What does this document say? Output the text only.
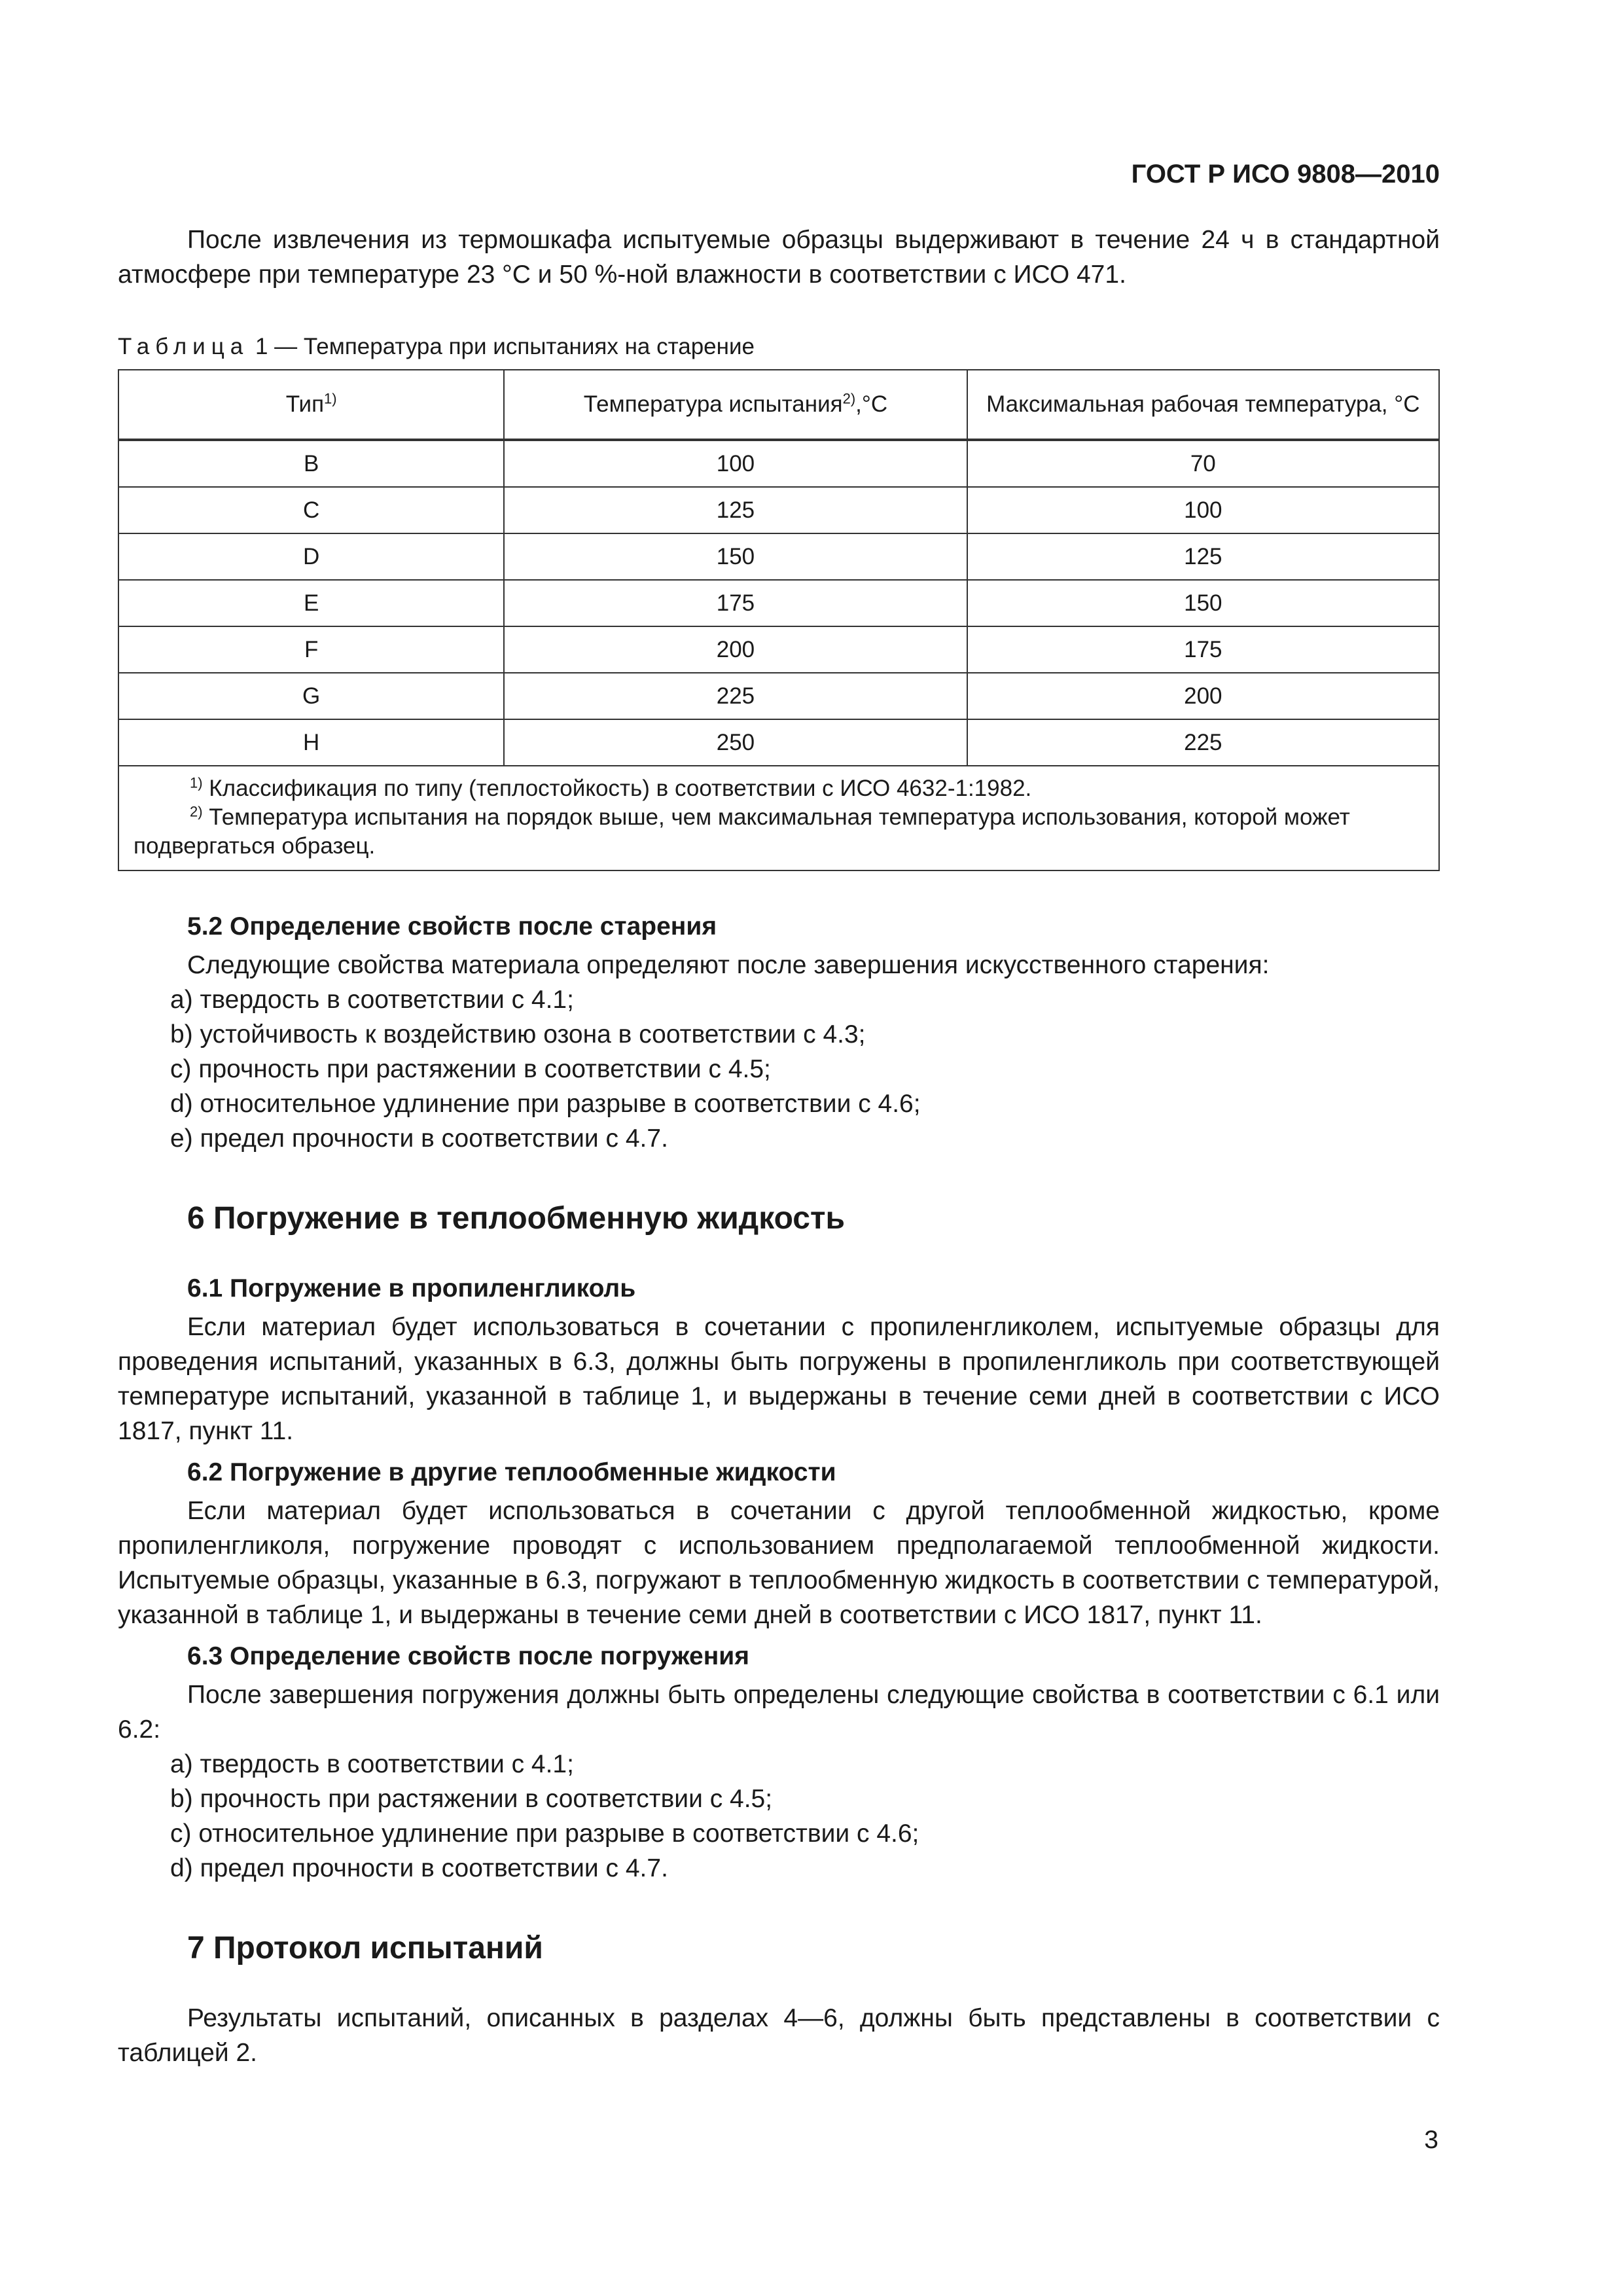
ГОСТ Р ИСО 9808—2010

После извлечения из термошкафа испытуемые образцы выдерживают в течение 24 ч в стандартной атмосфере при температуре 23 °С и 50 %-ной влажности в соответствии с ИСО 471.

Таблица 1 — Температура при испытаниях на старение
Тип$^{1)}$	Температура испытания$^{2)}$,°С	Максимальная рабочая температура, °С
B	100	70
C	125	100
D	150	125
E	175	150
F	200	175
G	225	200
H	250	225

$^{1)}$ Классификация по типу (теплостойкость) в соответствии с ИСО 4632-1:1982.
$^{2)}$ Температура испытания на порядок выше, чем максимальная температура использования, которой может подвергаться образец.		
5.2 Определение свойств после старения

Следующие свойства материала определяют после завершения искусственного старения:

a) твердость в соответствии с 4.1;
b) устойчивость к воздействию озона в соответствии с 4.3;
c) прочность при растяжении в соответствии с 4.5;
d) относительное удлинение при разрыве в соответствии с 4.6;
e) предел прочности в соответствии с 4.7.
6 Погружение в теплообменную жидкость
6.1 Погружение в пропиленгликоль

Если материал будет использоваться в сочетании с пропиленгликолем, испытуемые образцы для проведения испытаний, указанных в 6.3, должны быть погружены в пропиленгликоль при соответствующей температуре испытаний, указанной в таблице 1, и выдержаны в течение семи дней в соответствии с ИСО 1817, пункт 11.

6.2 Погружение в другие теплообменные жидкости

Если материал будет использоваться в сочетании с другой теплообменной жидкостью, кроме пропиленгликоля, погружение проводят с использованием предполагаемой теплообменной жидкости. Испытуемые образцы, указанные в 6.3, погружают в теплообменную жидкость в соответствии с температурой, указанной в таблице 1, и выдержаны в течение семи дней в соответствии с ИСО 1817, пункт 11.

6.3 Определение свойств после погружения

После завершения погружения должны быть определены следующие свойства в соответствии с 6.1 или 6.2:

a) твердость в соответствии с 4.1;
b) прочность при растяжении в соответствии с 4.5;
c) относительное удлинение при разрыве в соответствии с 4.6;
d) предел прочности в соответствии с 4.7.
7 Протокол испытаний

Результаты испытаний, описанных в разделах 4—6, должны быть представлены в соответствии с таблицей 2.

3
